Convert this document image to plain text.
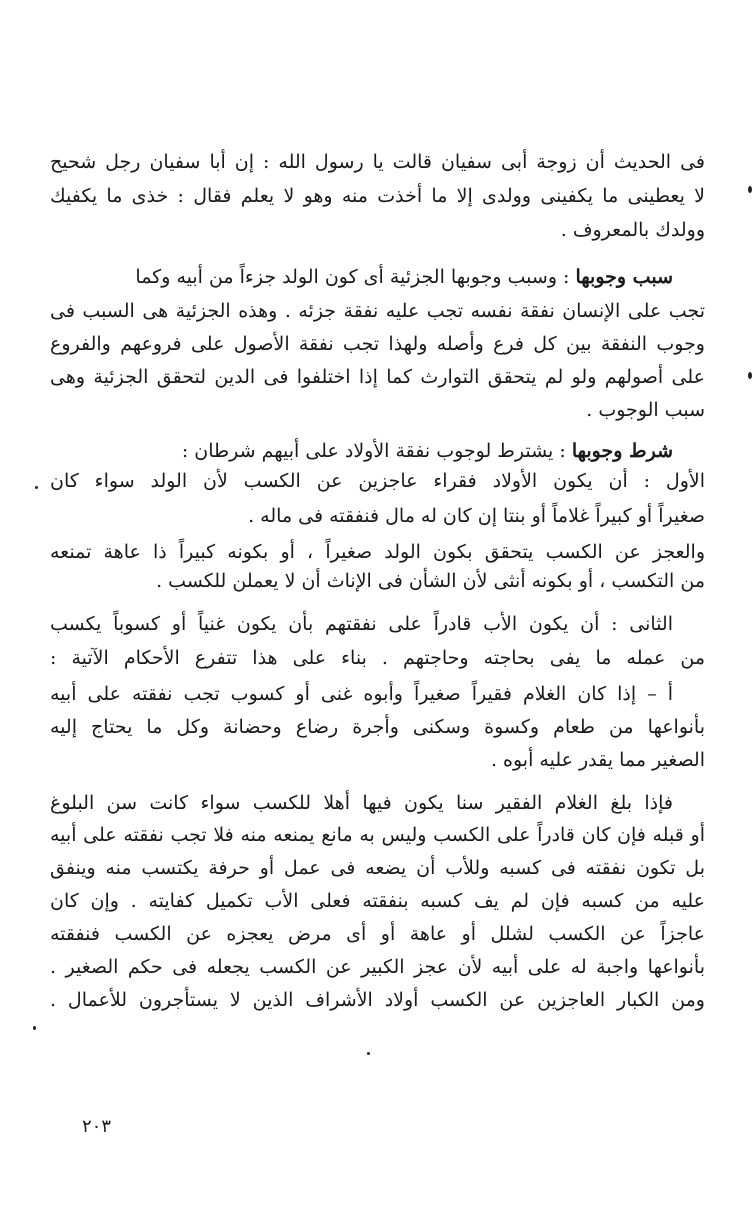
فى الحديث أن زوجة أبى سفيان قالت يا رسول الله : إن أبا سفيان رجل شحيح
لا يعطينى ما يكفينى وولدى إلا ما أخذت منه وهو لا يعلم فقال : خذى ما يكفيك
وولدك بالمعروف .
سبب وجوبها : وسبب وجوبها الجزئية أى كون الولد جزءاً من أبيه وكما
تجب على الإنسان نفقة نفسه تجب عليه نفقة جزئه . وهذه الجزئية هى السبب فى
وجوب النفقة بين كل فرع وأصله ولهذا تجب نفقة الأصول على فروعهم والفروع
على أصولهم ولو لم يتحقق التوارث كما إذا اختلفوا فى الدين لتحقق الجزئية وهى
سبب الوجوب .
شرط وجوبها : يشترط لوجوب نفقة الأولاد على أبيهم شرطان :
الأول : أن يكون الأولاد فقراء عاجزين عن الكسب لأن الولد سواء كان
صغيراً أو كبيراً غلاماً أو بنتا إن كان له مال فنفقته فى ماله .
والعجز عن الكسب يتحقق بكون الولد صغيراً ، أو بكونه كبيراً ذا عاهة تمنعه
من التكسب ، أو بكونه أنثى لأن الشأن فى الإناث أن لا يعملن للكسب .
الثانى : أن يكون الأب قادراً على نفقتهم بأن يكون غنياً أو كسوباً يكسب
من عمله ما يفى بحاجته وحاجتهم . بناء على هذا تتفرع الأحكام الآتية :
أ – إذا كان الغلام فقيراً صغيراً وأبوه غنى أو كسوب تجب نفقته على أبيه
بأنواعها من طعام وكسوة وسكنى وأجرة رضاع وحضانة وكل ما يحتاج إليه
الصغير مما يقدر عليه أبوه .
فإذا بلغ الغلام الفقير سنا يكون فيها أهلا للكسب سواء كانت سن البلوغ
أو قبله فإن كان قادراً على الكسب وليس به مانع يمنعه منه فلا تجب نفقته على أبيه
بل تكون نفقته فى كسبه وللأب أن يضعه فى عمل أو حرفة يكتسب منه وينفق
عليه من كسبه فإن لم يف كسبه بنفقته فعلى الأب تكميل كفايته . وإن كان
عاجزاً عن الكسب لشلل أو عاهة أو أى مرض يعجزه عن الكسب فنفقته
بأنواعها واجبة له على أبيه لأن عجز الكبير عن الكسب يجعله فى حكم الصغير .
ومن الكبار العاجزين عن الكسب أولاد الأشراف الذين لا يستأجرون للأعمال .
٢٠٣
